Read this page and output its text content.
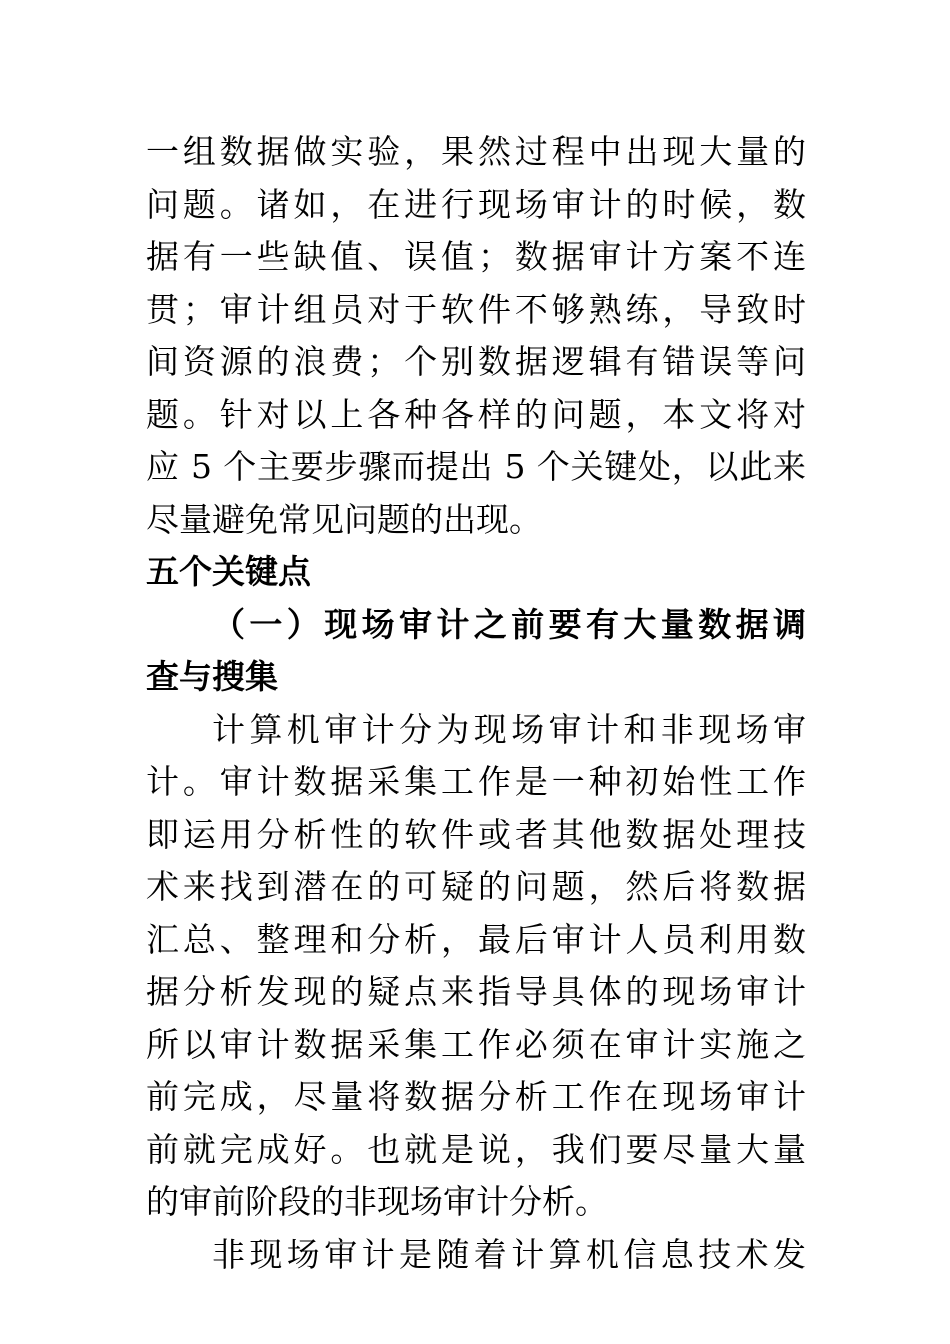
一组数据做实验，果然过程中出现大量的
问题。诸如，在进行现场审计的时候，数
据有一些缺值、误值；数据审计方案不连
贯；审计组员对于软件不够熟练，导致时
间资源的浪费；个别数据逻辑有错误等问
题。针对以上各种各样的问题，本文将对
应 5 个主要步骤而提出 5 个关键处，以此来
尽量避免常见问题的出现。
五个关键点
（一）现场审计之前要有大量数据调
查与搜集
计算机审计分为现场审计和非现场审
计。审计数据采集工作是一种初始性工作
即运用分析性的软件或者其他数据处理技
术来找到潜在的可疑的问题，然后将数据
汇总、整理和分析，最后审计人员利用数
据分析发现的疑点来指导具体的现场审计
所以审计数据采集工作必须在审计实施之
前完成，尽量将数据分析工作在现场审计
前就完成好。也就是说，我们要尽量大量
的审前阶段的非现场审计分析。
非现场审计是随着计算机信息技术发
